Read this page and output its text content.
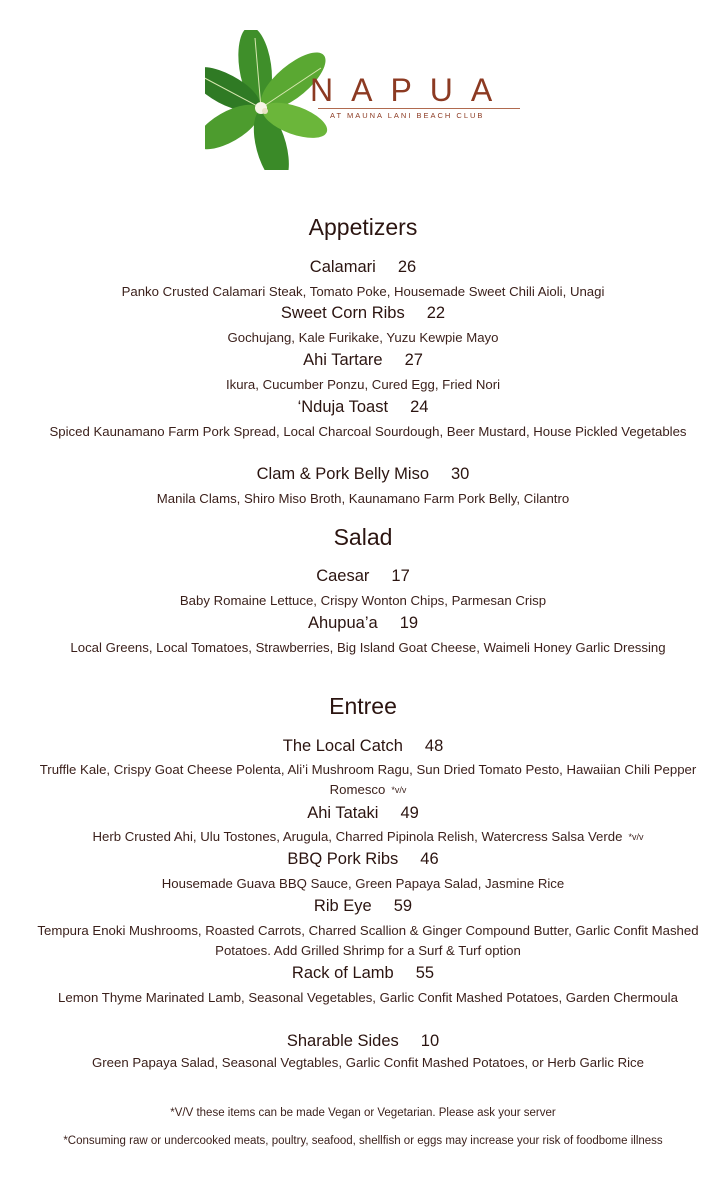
NAPUA
AT MAUNA LANI BEACH CLUB
Appetizers
Calamari 26
Panko Crusted Calamari Steak, Tomato Poke, Housemade Sweet Chili Aioli, Unagi
Sweet Corn Ribs 22
Gochujang, Kale Furikake, Yuzu Kewpie Mayo
Ahi Tartare 27
Ikura, Cucumber Ponzu, Cured Egg, Fried Nori
‘Nduja Toast 24
Spiced Kaunamano Farm Pork Spread, Local Charcoal Sourdough, Beer Mustard, House Pickled Vegetables
Clam & Pork Belly Miso 30
Manila Clams, Shiro Miso Broth, Kaunamano Farm Pork Belly, Cilantro
Salad
Caesar 17
Baby Romaine Lettuce, Crispy Wonton Chips, Parmesan Crisp
Ahupua’a 19
Local Greens, Local Tomatoes, Strawberries, Big Island Goat Cheese, Waimeli Honey Garlic Dressing
Entree
The Local Catch 48
Truffle Kale, Crispy Goat Cheese Polenta, Ali’i Mushroom Ragu, Sun Dried Tomato Pesto, Hawaiian Chili Pepper Romesco *v/v
Ahi Tataki 49
Herb Crusted Ahi, Ulu Tostones, Arugula, Charred Pipinola Relish, Watercress Salsa Verde *v/v
BBQ Pork Ribs 46
Housemade Guava BBQ Sauce, Green Papaya Salad, Jasmine Rice
Rib Eye 59
Tempura Enoki Mushrooms, Roasted Carrots, Charred Scallion & Ginger Compound Butter, Garlic Confit Mashed Potatoes. Add Grilled Shrimp for a Surf & Turf option
Rack of Lamb 55
Lemon Thyme Marinated Lamb, Seasonal Vegetables, Garlic Confit Mashed Potatoes, Garden Chermoula
Sharable Sides 10
Green Papaya Salad, Seasonal Vegtables, Garlic Confit Mashed Potatoes, or Herb Garlic Rice
*V/V these items can be made Vegan or Vegetarian. Please ask your server
*Consuming raw or undercooked meats, poultry, seafood, shellfish or eggs may increase your risk of foodbome illness
